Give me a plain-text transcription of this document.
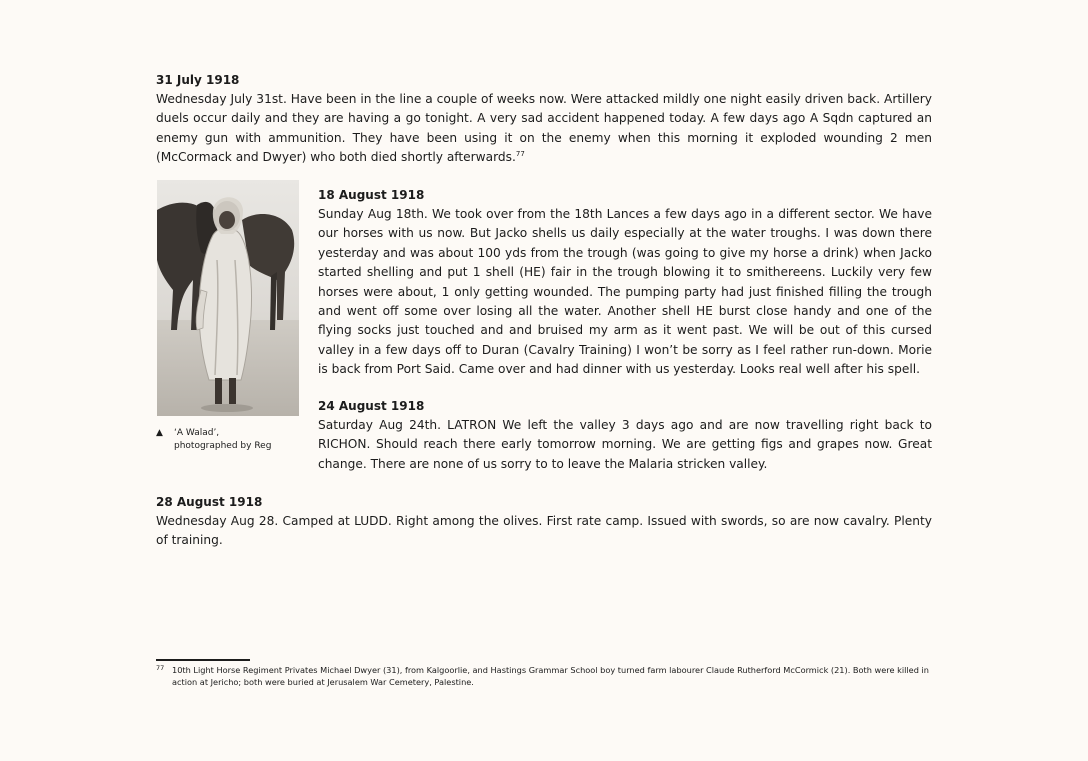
31 July 1918

Wednesday July 31st. Have been in the line a couple of weeks now. Were attacked mildly one night easily driven back. Artillery duels occur daily and they are having a go tonight. A very sad accident happened today. A few days ago A Sqdn captured an enemy gun with ammunition. They have been using it on the enemy when this morning it exploded wounding 2 men (McCormack and Dwyer) who both died shortly afterwards.$^{77}$

▲ ‘A Walad’,
photographed by Reg
18 August 1918

Sunday Aug 18th. We took over from the 18th Lances a few days ago in a different sector. We have our horses with us now. But Jacko shells us daily especially at the water troughs. I was down there yesterday and was about 100 yds from the trough (was going to give my horse a drink) when Jacko started shelling and put 1 shell (HE) fair in the trough blowing it to smithereens. Luckily very few horses were about, 1 only getting wounded. The pumping party had just finished filling the trough and went off some over losing all the water. Another shell HE burst close handy and one of the flying socks just touched and and bruised my arm as it went past. We will be out of this cursed valley in a few days off to Duran (Cavalry Training) I won’t be sorry as I feel rather run-down. Morie is back from Port Said. Came over and had dinner with us yesterday. Looks real well after his spell.

24 August 1918

Saturday Aug 24th. LATRON We left the valley 3 days ago and are now travelling right back to RICHON. Should reach there early tomorrow morning. We are getting figs and grapes now. Great change. There are none of us sorry to to leave the Malaria stricken valley.

28 August 1918

Wednesday Aug 28. Camped at LUDD. Right among the olives. First rate camp. Issued with swords, so are now cavalry. Plenty of training.

77 10th Light Horse Regiment Privates Michael Dwyer (31), from Kalgoorlie, and Hastings Grammar School boy turned farm labourer Claude Rutherford McCormick (21). Both were killed in action at Jericho; both were buried at Jerusalem War Cemetery, Palestine.
